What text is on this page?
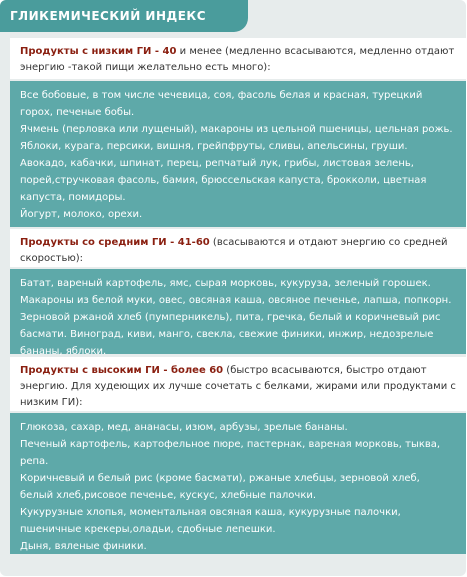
ГЛИКЕМИЧЕСКИЙ ИНДЕКС
Продукты с низким ГИ - 40 и менее (медленно всасываются, медленно отдают энергию -такой пищи желательно есть много):

Все бобовые, в том числе чечевица, соя, фасоль белая и красная, турецкий горох, печеные бобы.

Ячмень (перловка или лущеный), макароны из цельной пшеницы, цельная рожь.

Яблоки, курага, персики, вишня, грейпфруты, сливы, апельсины, груши.

Авокадо, кабачки, шпинат, перец, репчатый лук, грибы, листовая зелень, порей,стручковая фасоль, бамия, брюссельская капуста, брокколи, цветная капуста, помидоры.

Йогурт, молоко, орехи.

Продукты со средним ГИ - 41-60 (всасываются и отдают энергию со средней скоростью):

Батат, вареный картофель, ямс, сырая морковь, кукуруза, зеленый горошек. Макароны из белой муки, овес, овсяная каша, овсяное печенье, лапша, попкорн. Зерновой ржаной хлеб (пумперникель), пита, гречка, белый и коричневый рис басмати. Виноград, киви, манго, свекла, свежие финики, инжир, недозрелые бананы, яблоки.

Продукты с высоким ГИ - более 60 (быстро всасываются, быстро отдают энергию. Для худеющих их лучше сочетать с белками, жирами или продуктами с низким ГИ):

Глюкоза, сахар, мед, ананасы, изюм, арбузы, зрелые бананы.

Печеный картофель, картофельное пюре, пастернак, вареная морковь, тыква, репа.

Коричневый и белый рис (кроме басмати), ржаные хлебцы, зерновой хлеб, белый хлеб,рисовое печенье, кускус, хлебные палочки.

Кукурузные хлопья, моментальная овсяная каша, кукурузные палочки, пшеничные крекеры,оладьи, сдобные лепешки.

Дыня, вяленые финики.
